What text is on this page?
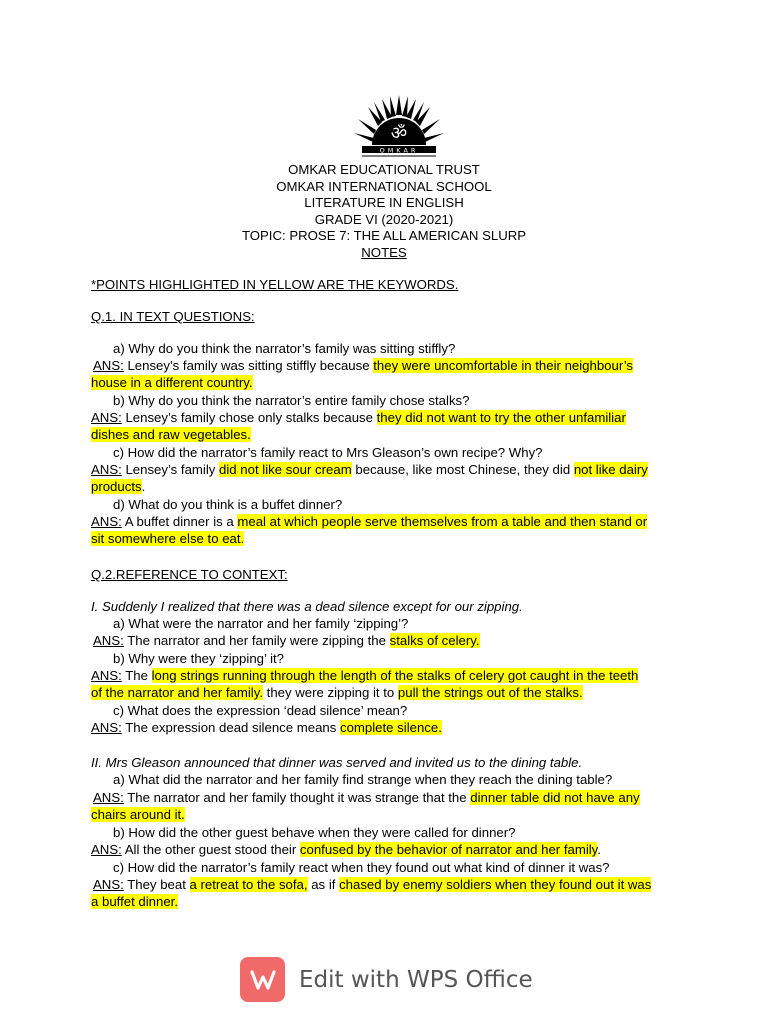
ॐ
OMKAR
OMKAR EDUCATIONAL TRUST
OMKAR INTERNATIONAL SCHOOL
LITERATURE IN ENGLISH
GRADE VI (2020-2021)
TOPIC: PROSE 7: THE ALL AMERICAN SLURP
NOTES
*POINTS HIGHLIGHTED IN YELLOW ARE THE KEYWORDS.
Q.1. IN TEXT QUESTIONS:
a) Why do you think the narrator’s family was sitting stiffly?
ANS: Lensey’s family was sitting stiffly because they were uncomfortable in their neighbour’s
house in a different country.
b) Why do you think the narrator’s entire family chose stalks?
ANS: Lensey’s family chose only stalks because they did not want to try the other unfamiliar
dishes and raw vegetables.
c) How did the narrator’s family react to Mrs Gleason’s own recipe? Why?
ANS: Lensey’s family did not like sour cream because, like most Chinese, they did not like dairy
products.
d) What do you think is a buffet dinner?
ANS: A buffet dinner is a meal at which people serve themselves from a table and then stand or
sit somewhere else to eat.
Q.2.REFERENCE TO CONTEXT:
I. Suddenly I realized that there was a dead silence except for our zipping.
a) What were the narrator and her family ‘zipping’?
ANS: The narrator and her family were zipping the stalks of celery.
b) Why were they ‘zipping’ it?
ANS: The long strings running through the length of the stalks of celery got caught in the teeth
of the narrator and her family. they were zipping it to pull the strings out of the stalks.
c) What does the expression ‘dead silence’ mean?
ANS: The expression dead silence means complete silence.
II. Mrs Gleason announced that dinner was served and invited us to the dining table.
a) What did the narrator and her family find strange when they reach the dining table?
ANS: The narrator and her family thought it was strange that the dinner table did not have any
chairs around it.
b) How did the other guest behave when they were called for dinner?
ANS: All the other guest stood their confused by the behavior of narrator and her family.
c) How did the narrator’s family react when they found out what kind of dinner it was?
ANS: They beat a retreat to the sofa, as if chased by enemy soldiers when they found out it was
a buffet dinner.
Edit with WPS Office
